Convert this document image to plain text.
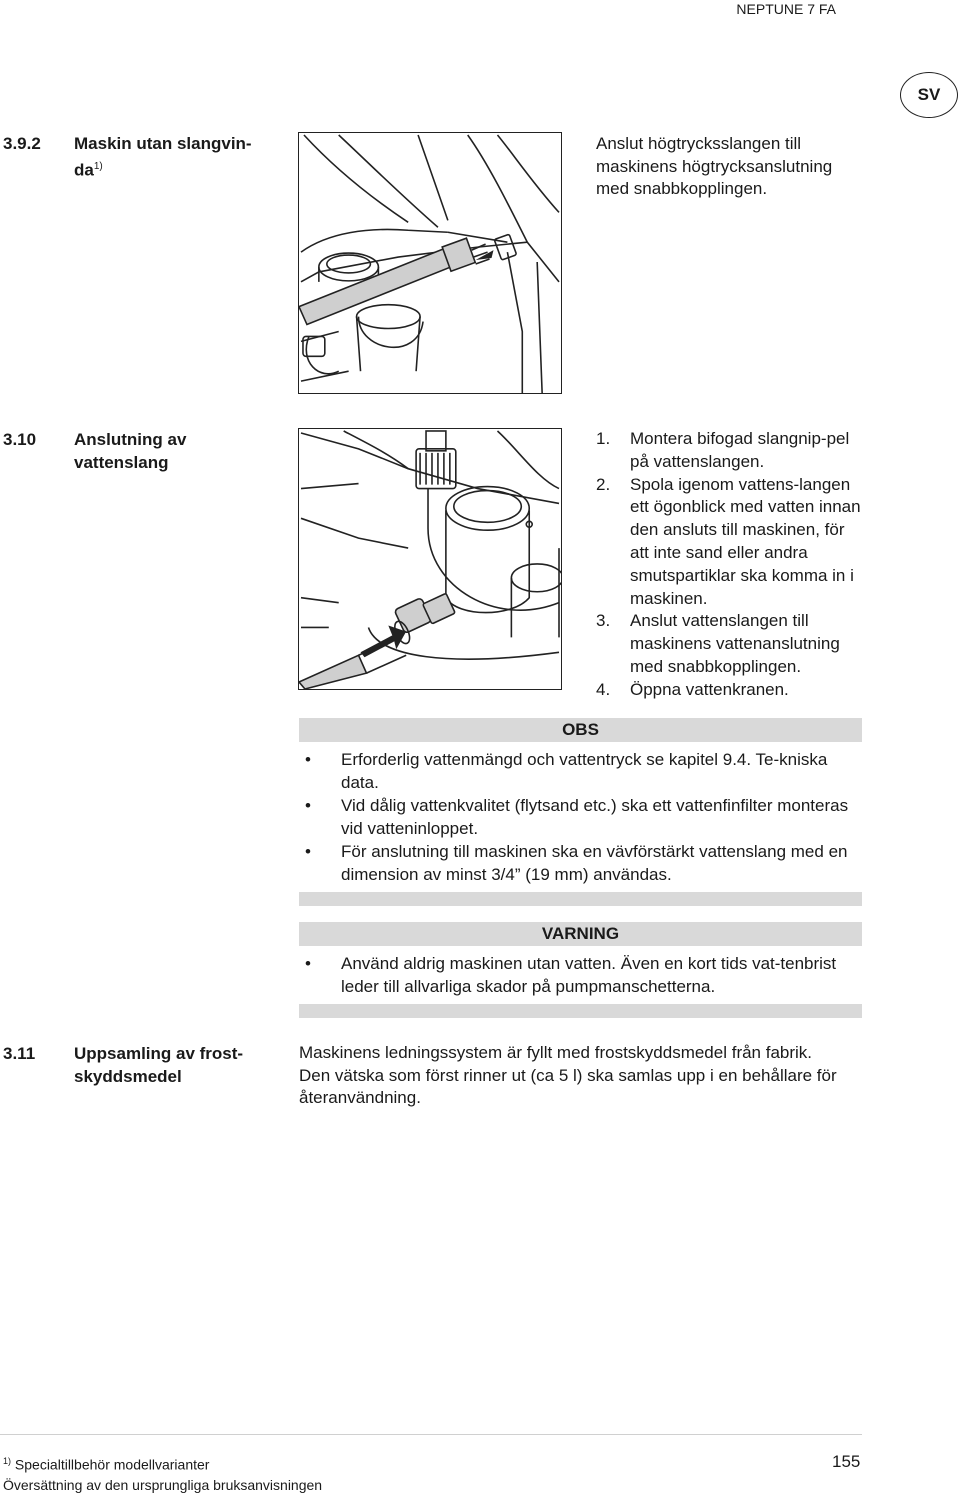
NEPTUNE 7 FA
SV
3.9.2 Maskin utan slangvin-$da^{1)}$
Anslut högtrycksslangen till maskinens högtrycksanslutning med snabbkopplingen.
3.10 Anslutning av vattenslang
1.	Montera bifogad slangnip-pel på vattenslangen.
2.	Spola igenom vattens-langen ett ögonblick med vatten innan den ansluts till maskinen, för att inte sand eller andra smutspartiklar ska komma in i maskinen.
3.	Anslut vattenslangen till maskinens vattenanslutning med snabbkopplingen.
4.	Öppna vattenkranen.
OBS
•	Erforderlig vattenmängd och vattentryck se kapitel 9.4. Te-kniska data.
•	Vid dålig vattenkvalitet (flytsand etc.) ska ett vattenfinfilter monteras vid vatteninloppet.
•	För anslutning till maskinen ska en vävförstärkt vattenslang med en dimension av minst 3/4” (19 mm) användas.
VARNING
•	Använd aldrig maskinen utan vatten. Även en kort tids vat-tenbrist leder till allvarliga skador på pumpmanschetterna.
3.11 Uppsamling av frost-skyddsmedel
Maskinens ledningssystem är fyllt med frostskyddsmedel från fabrik. Den vätska som först rinner ut (ca 5 l) ska samlas upp i en behållare för återanvändning.
$^{1)}$ Specialtillbehör modellvarianter
Översättning av den ursprungliga bruksanvisningen
155
